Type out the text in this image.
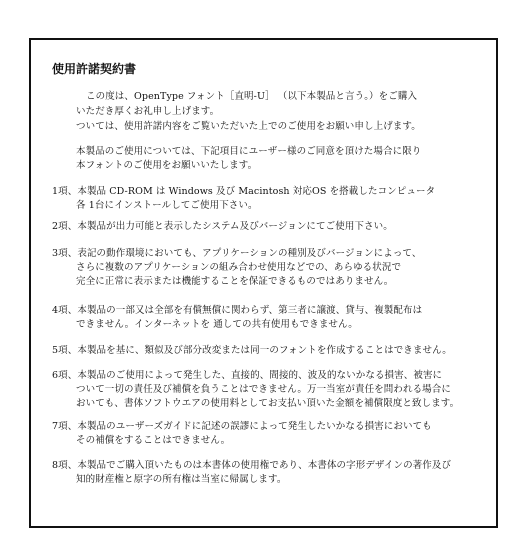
使用許諾契約書
この度は、OpenType フォント［直明-U］ （以下本製品と言う。）をご購入
いただき厚くお礼申し上げます。
ついては、使用許諾内容をご覧いただいた上でのご使用をお願い申し上げます。
本製品のご使用については、下記項目にユーザー様のご同意を頂けた場合に限り
本フォントのご使用をお願いいたします。
1項、本製品 CD-ROM は Windows 及び Macintosh 対応OS を搭載したコンピュータ
各 1台にインストールしてご使用下さい。
2項、本製品が出力可能と表示したシステム及びバージョンにてご使用下さい。
3項、表記の動作環境においても、アプリケーションの種別及びバージョンによって、
さらに複数のアプリケーションの組み合わせ使用などでの、あらゆる状況で
完全に正常に表示または機能することを保証できるものではありません。
4項、本製品の一部又は全部を有償無償に関わらず、第三者に譲渡、貸与、複製配布は
できません。インターネットを 通しての共有使用もできません。
5項、本製品を基に、類似及び部分改変または同一のフォントを作成することはできません。
6項、本製品のご使用によって発生した、直接的、間接的、波及的ないかなる損害、被害に
ついて一切の責任及び補償を負うことはできません。万一当室が責任を問われる場合に
おいても、書体ソフトウエアの使用料としてお支払い頂いた金額を補償限度と致します。
7項、本製品のユーザーズガイドに記述の誤謬によって発生したいかなる損害においても
その補償をすることはできません。
8項、本製品でご購入頂いたものは本書体の使用権であり、本書体の字形デザインの著作及び
知的財産権と原字の所有権は当室に帰属します。
